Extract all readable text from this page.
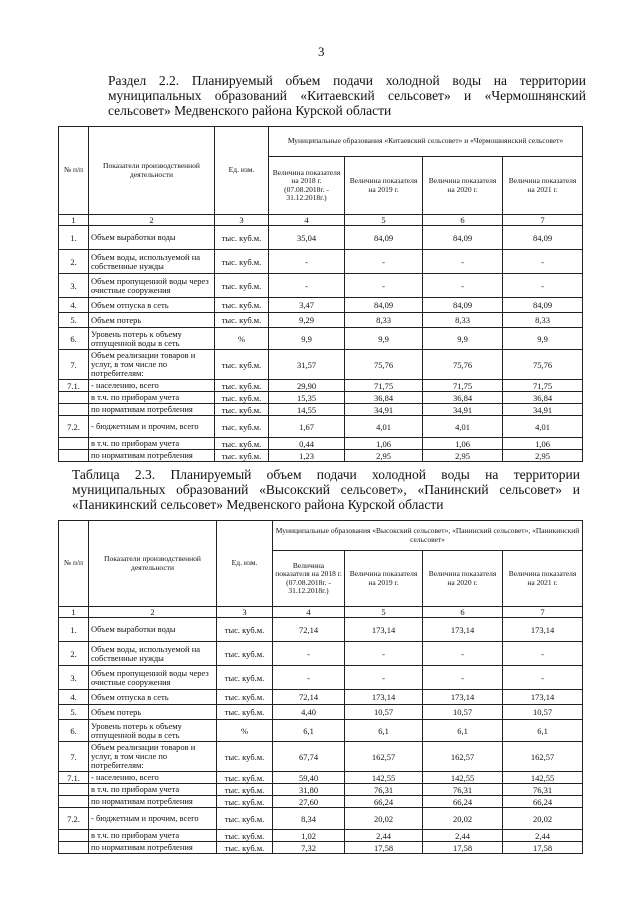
3
Раздел 2.2. Планируемый объем подачи холодной воды на территории муниципальных образований «Китаевский сельсовет» и «Чермошнянский сельсовет» Медвенского района Курской области
№ п/п	Показатели производственной деятельности	Ед. изм.	Муниципальные образования «Китаевский сельсовет» и «Чермошнянский сельсовет»			
			Величина показателя на 2018 г. (07.08.2018г. - 31.12.2018г.)	Величина показателя на 2019 г.	Величина показателя на 2020 г.	Величина показателя на 2021 г.
1	2	3	4	5	6	7
1.	Объем выработки воды	тыс. куб.м.	35,04	84,09	84,09	84,09
2.	Объем воды, используемой на собственные нужды	тыс. куб.м.	-	-	-	-
3.	Объем пропущенной воды через очистные сооружения	тыс. куб.м.	-	-	-	-
4.	Объем отпуска в сеть	тыс. куб.м.	3,47	84,09	84,09	84,09
5.	Объем потерь	тыс. куб.м.	9,29	8,33	8,33	8,33
6.	Уровень потерь к объему отпущенной воды в сеть	%	9,9	9,9	9,9	9,9
7.	Объем реализации товаров и услуг, в том числе по потребителям:	тыс. куб.м.	31,57	75,76	75,76	75,76
7.1.	- населению, всего	тыс. куб.м.	29,90	71,75	71,75	71,75
	в т.ч. по приборам учета	тыс. куб.м.	15,35	36,84	36,84	36,84
	по нормативам потребления	тыс. куб.м.	14,55	34,91	34,91	34,91
7.2.	- бюджетным и прочим, всего	тыс. куб.м.	1,67	4,01	4,01	4,01
	в т.ч. по приборам учета	тыс. куб.м.	0,44	1,06	1,06	1,06
	по нормативам потребления	тыс. куб.м.	1,23	2,95	2,95	2,95
Таблица 2.3. Планируемый объем подачи холодной воды на территории муниципальных образований «Высокский сельсовет», «Панинский сельсовет» и «Паникинский сельсовет» Медвенского района Курской области
№ п/п	Показатели производственной деятельности	Ед. изм.	Муниципальные образования «Высокский сельсовет», «Панинский сельсовет», «Паникинский сельсовет»			
			Величина показателя на 2018 г. (07.08.2018г. - 31.12.2018г.)	Величина показателя на 2019 г.	Величина показателя на 2020 г.	Величина показателя на 2021 г.
1	2	3	4	5	6	7
1.	Объем выработки воды	тыс. куб.м.	72,14	173,14	173,14	173,14
2.	Объем воды, используемой на собственные нужды	тыс. куб.м.	-	-	-	-
3.	Объем пропущенной воды через очистные сооружения	тыс. куб.м.	-	-	-	-
4.	Объем отпуска в сеть	тыс. куб.м.	72,14	173,14	173,14	173,14
5.	Объем потерь	тыс. куб.м.	4,40	10,57	10,57	10,57
6.	Уровень потерь к объему отпущенной воды в сеть	%	6,1	6,1	6,1	6,1
7.	Объем реализации товаров и услуг, в том числе по потребителям:	тыс. куб.м.	67,74	162,57	162,57	162,57
7.1.	- населению, всего	тыс. куб.м.	59,40	142,55	142,55	142,55
	в т.ч. по приборам учета	тыс. куб.м.	31,80	76,31	76,31	76,31
	по нормативам потребления	тыс. куб.м.	27,60	66,24	66,24	66,24
7.2.	- бюджетным и прочим, всего	тыс. куб.м.	8,34	20,02	20,02	20,02
	в т.ч. по приборам учета	тыс. куб.м.	1,02	2,44	2,44	2,44
	по нормативам потребления	тыс. куб.м.	7,32	17,58	17,58	17,58
